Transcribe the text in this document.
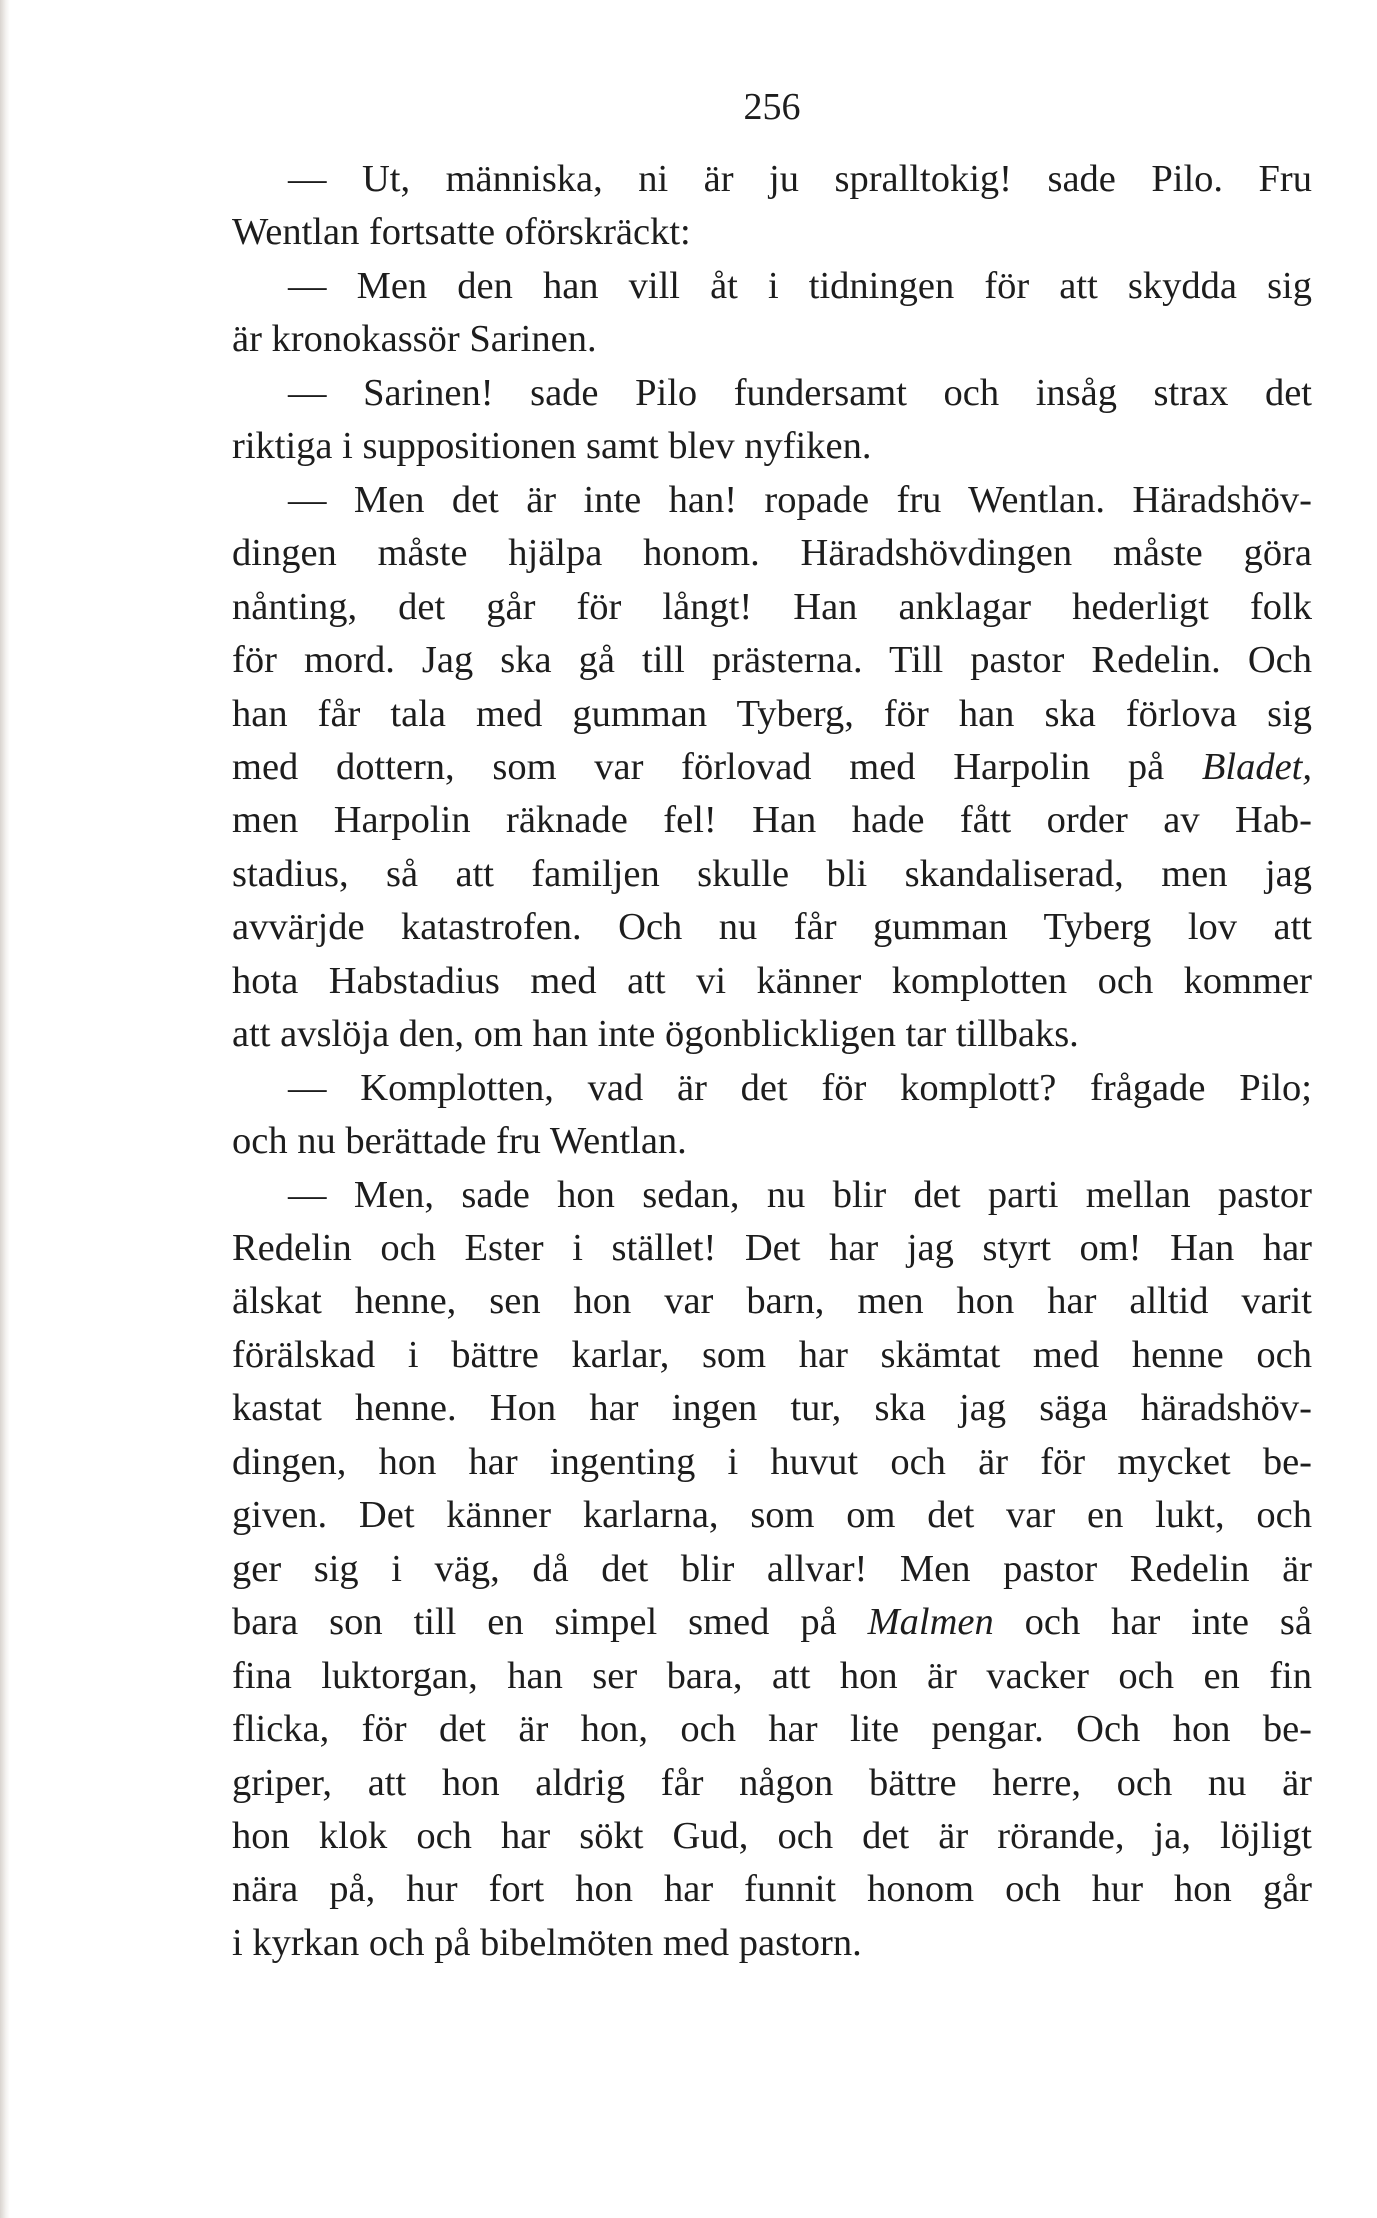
256
— Ut, människa, ni är ju spralltokig! sade Pilo. Fru
Wentlan fortsatte oförskräckt:
— Men den han vill åt i tidningen för att skydda sig
är kronokassör Sarinen.
— Sarinen! sade Pilo fundersamt och insåg strax det
riktiga i suppositionen samt blev nyfiken.
— Men det är inte han! ropade fru Wentlan. Häradshöv-
dingen måste hjälpa honom. Häradshövdingen måste göra
nånting, det går för långt! Han anklagar hederligt folk
för mord. Jag ska gå till prästerna. Till pastor Redelin. Och
han får tala med gumman Tyberg, för han ska förlova sig
med dottern, som var förlovad med Harpolin på Bladet,
men Harpolin räknade fel! Han hade fått order av Hab-
stadius, så att familjen skulle bli skandaliserad, men jag
avvärjde katastrofen. Och nu får gumman Tyberg lov att
hota Habstadius med att vi känner komplotten och kommer
att avslöja den, om han inte ögonblickligen tar tillbaks.
— Komplotten, vad är det för komplott? frågade Pilo;
och nu berättade fru Wentlan.
— Men, sade hon sedan, nu blir det parti mellan pastor
Redelin och Ester i stället! Det har jag styrt om! Han har
älskat henne, sen hon var barn, men hon har alltid varit
förälskad i bättre karlar, som har skämtat med henne och
kastat henne. Hon har ingen tur, ska jag säga häradshöv-
dingen, hon har ingenting i huvut och är för mycket be-
given. Det känner karlarna, som om det var en lukt, och
ger sig i väg, då det blir allvar! Men pastor Redelin är
bara son till en simpel smed på Malmen och har inte så
fina luktorgan, han ser bara, att hon är vacker och en fin
flicka, för det är hon, och har lite pengar. Och hon be-
griper, att hon aldrig får någon bättre herre, och nu är
hon klok och har sökt Gud, och det är rörande, ja, löjligt
nära på, hur fort hon har funnit honom och hur hon går
i kyrkan och på bibelmöten med pastorn.
